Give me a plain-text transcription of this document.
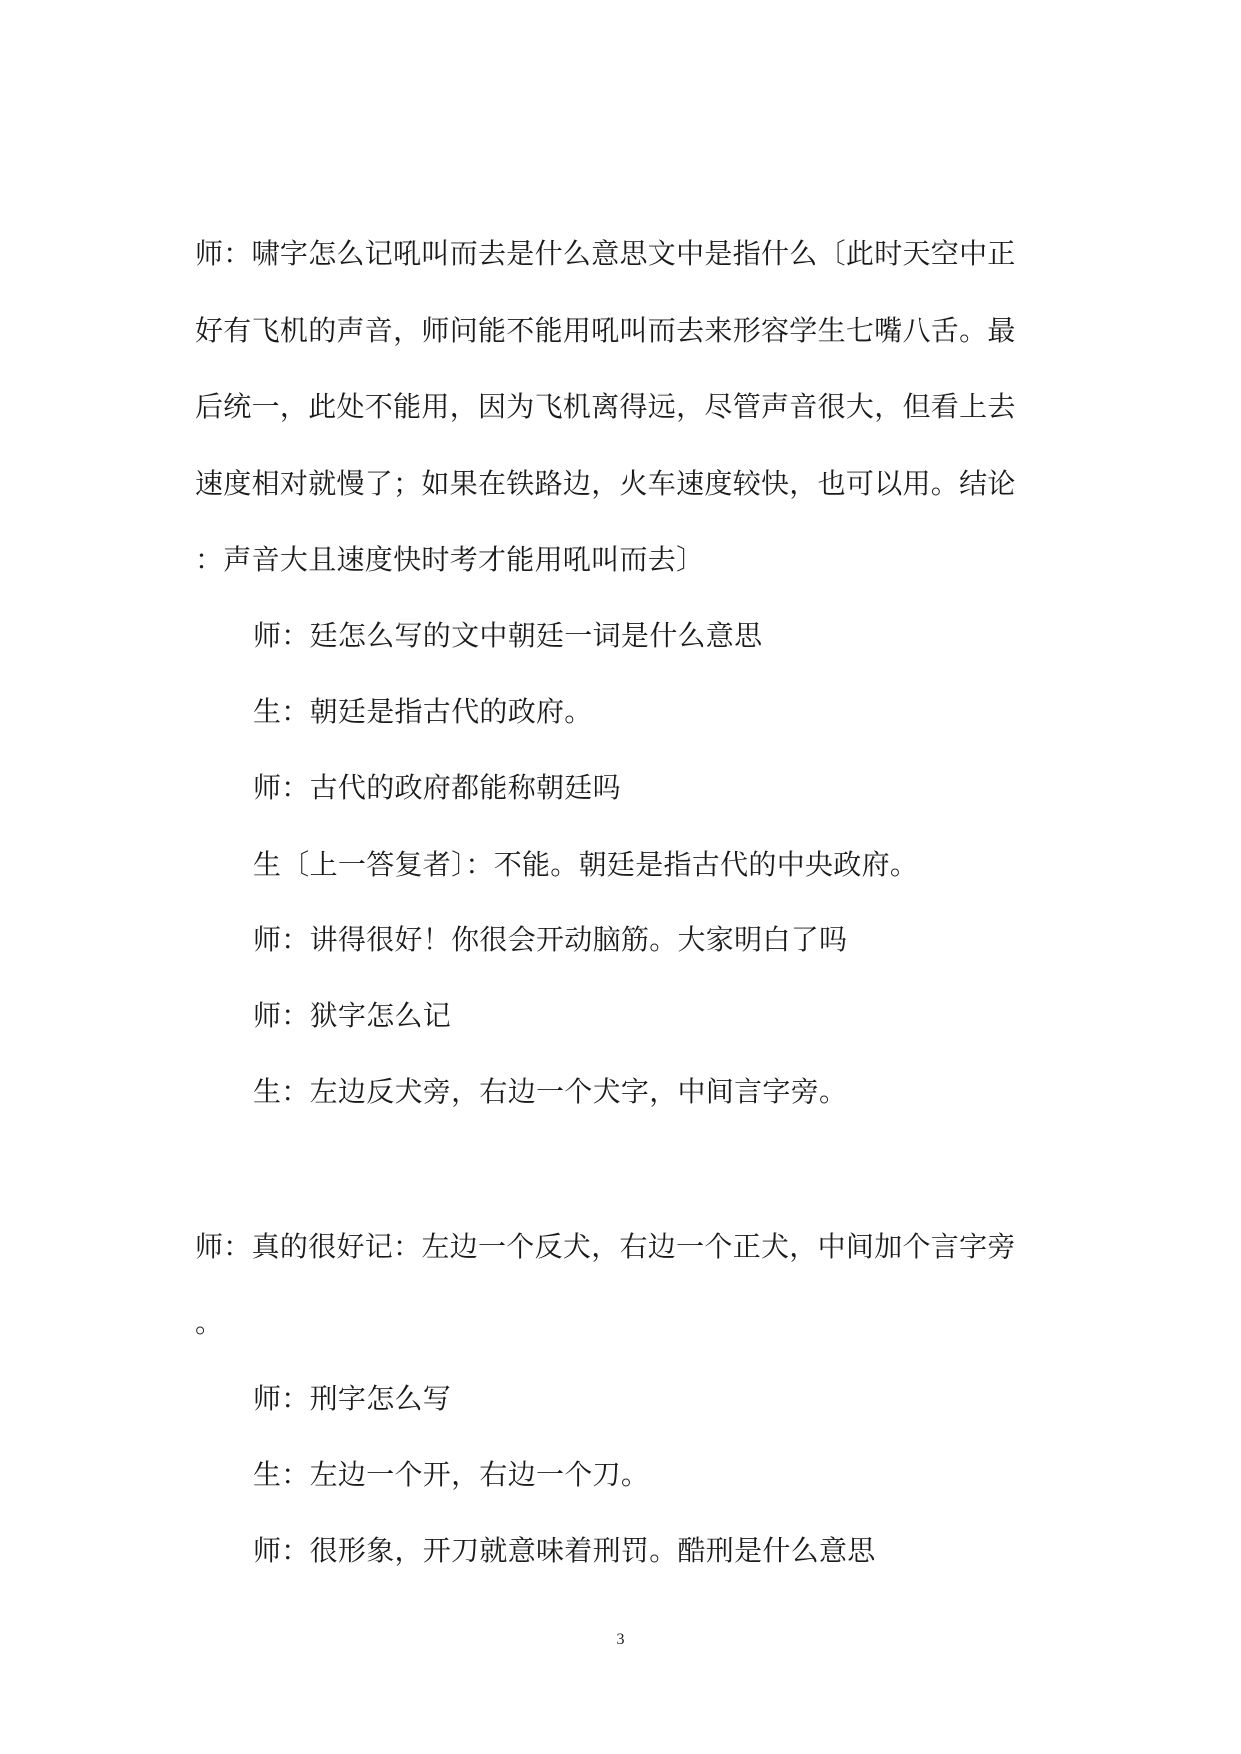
师：啸字怎么记吼叫而去是什么意思文中是指什么〔此时天空中正
好有飞机的声音，师问能不能用吼叫而去来形容学生七嘴八舌。最
后统一，此处不能用，因为飞机离得远，尽管声音很大，但看上去
速度相对就慢了；如果在铁路边，火车速度较快，也可以用。结论
：声音大且速度快时考才能用吼叫而去〕
师：廷怎么写的文中朝廷一词是什么意思
生：朝廷是指古代的政府。
师：古代的政府都能称朝廷吗
生〔上一答复者〕：不能。朝廷是指古代的中央政府。
师：讲得很好！你很会开动脑筋。大家明白了吗
师：狱字怎么记
生：左边反犬旁，右边一个犬字，中间言字旁。
师：真的很好记：左边一个反犬，右边一个正犬，中间加个言字旁
。
师：刑字怎么写
生：左边一个开，右边一个刀。
师：很形象，开刀就意味着刑罚。酷刑是什么意思
3
